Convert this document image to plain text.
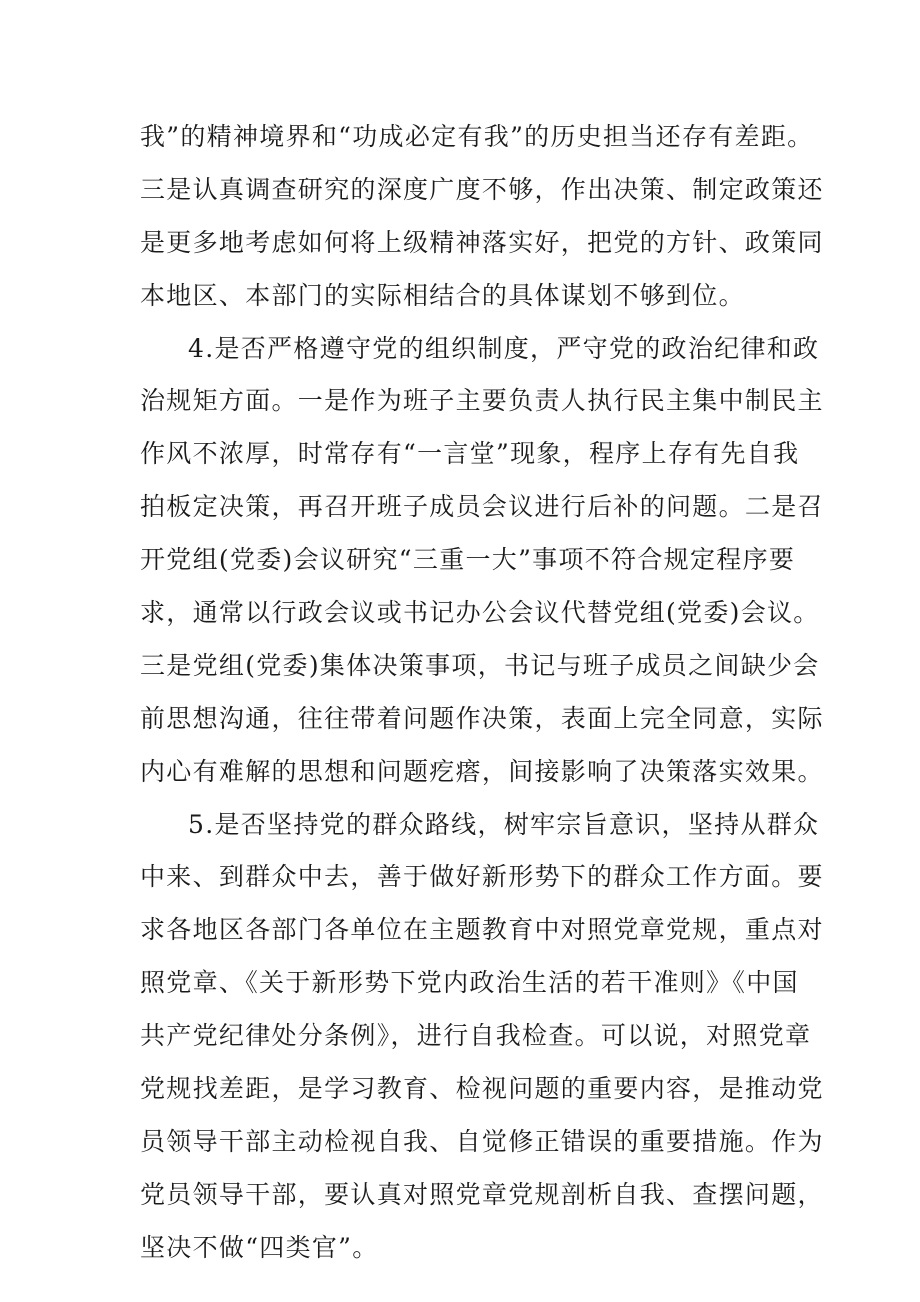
我”的精神境界和“功成必定有我”的历史担当还存有差距。
三是认真调查研究的深度广度不够，作出决策、制定政策还
是更多地考虑如何将上级精神落实好，把党的方针、政策同
本地区、本部门的实际相结合的具体谋划不够到位。
4.是否严格遵守党的组织制度，严守党的政治纪律和政
治规矩方面。一是作为班子主要负责人执行民主集中制民主
作风不浓厚，时常存有“一言堂”现象，程序上存有先自我
拍板定决策，再召开班子成员会议进行后补的问题。二是召
开党组(党委)会议研究“三重一大”事项不符合规定程序要
求，通常以行政会议或书记办公会议代替党组(党委)会议。
三是党组(党委)集体决策事项，书记与班子成员之间缺少会
前思想沟通，往往带着问题作决策，表面上完全同意，实际
内心有难解的思想和问题疙瘩，间接影响了决策落实效果。
5.是否坚持党的群众路线，树牢宗旨意识，坚持从群众
中来、到群众中去，善于做好新形势下的群众工作方面。要
求各地区各部门各单位在主题教育中对照党章党规，重点对
照党章、《关于新形势下党内政治生活的若干准则》《中国
共产党纪律处分条例》，进行自我检查。可以说，对照党章
党规找差距，是学习教育、检视问题的重要内容，是推动党
员领导干部主动检视自我、自觉修正错误的重要措施。作为
党员领导干部，要认真对照党章党规剖析自我、查摆问题，
坚决不做“四类官”。
